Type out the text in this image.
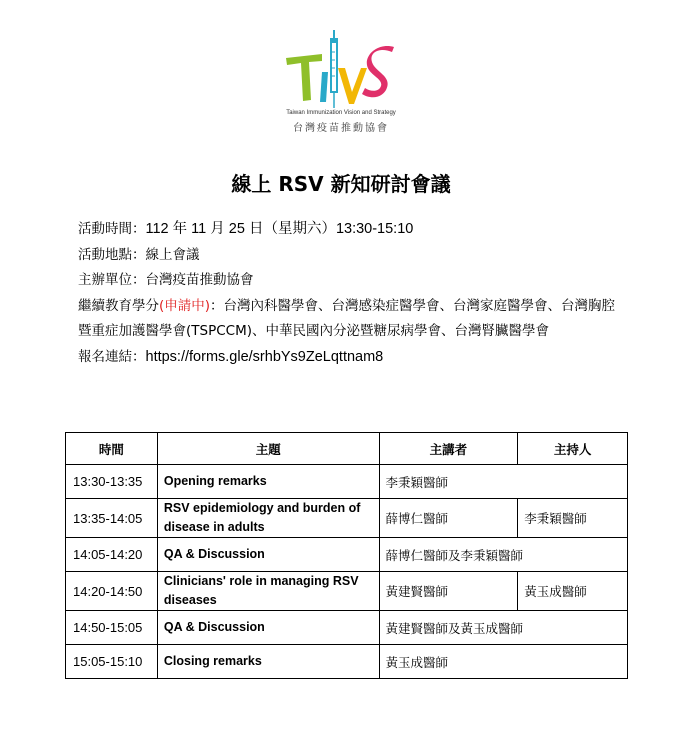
Taiwan Immunization Vision and Strategy
台灣疫苗推動協會
線上 RSV 新知研討會議
活動時間：112 年 11 月 25 日（星期六）13:30-15:10
活動地點：線上會議
主辦單位：台灣疫苗推動協會
繼續教育學分(申請中)：台灣內科醫學會、台灣感染症醫學會、台灣家庭醫學會、台灣胸腔暨重症加護醫學會(TSPCCM)、中華民國內分泌暨糖尿病學會、台灣腎臟醫學會
報名連結：https://forms.gle/srhbYs9ZeLqttnam8
時間	主題	主講者	主持人
13:30-13:35	Opening remarks	李秉穎醫師	
13:35-14:05	RSV epidemiology and burden of disease in adults	薛博仁醫師	李秉穎醫師
14:05-14:20	QA & Discussion	薛博仁醫師及李秉穎醫師	
14:20-14:50	Clinicians' role in managing RSV diseases	黃建賢醫師	黃玉成醫師
14:50-15:05	QA & Discussion	黃建賢醫師及黃玉成醫師	
15:05-15:10	Closing remarks	黃玉成醫師	
